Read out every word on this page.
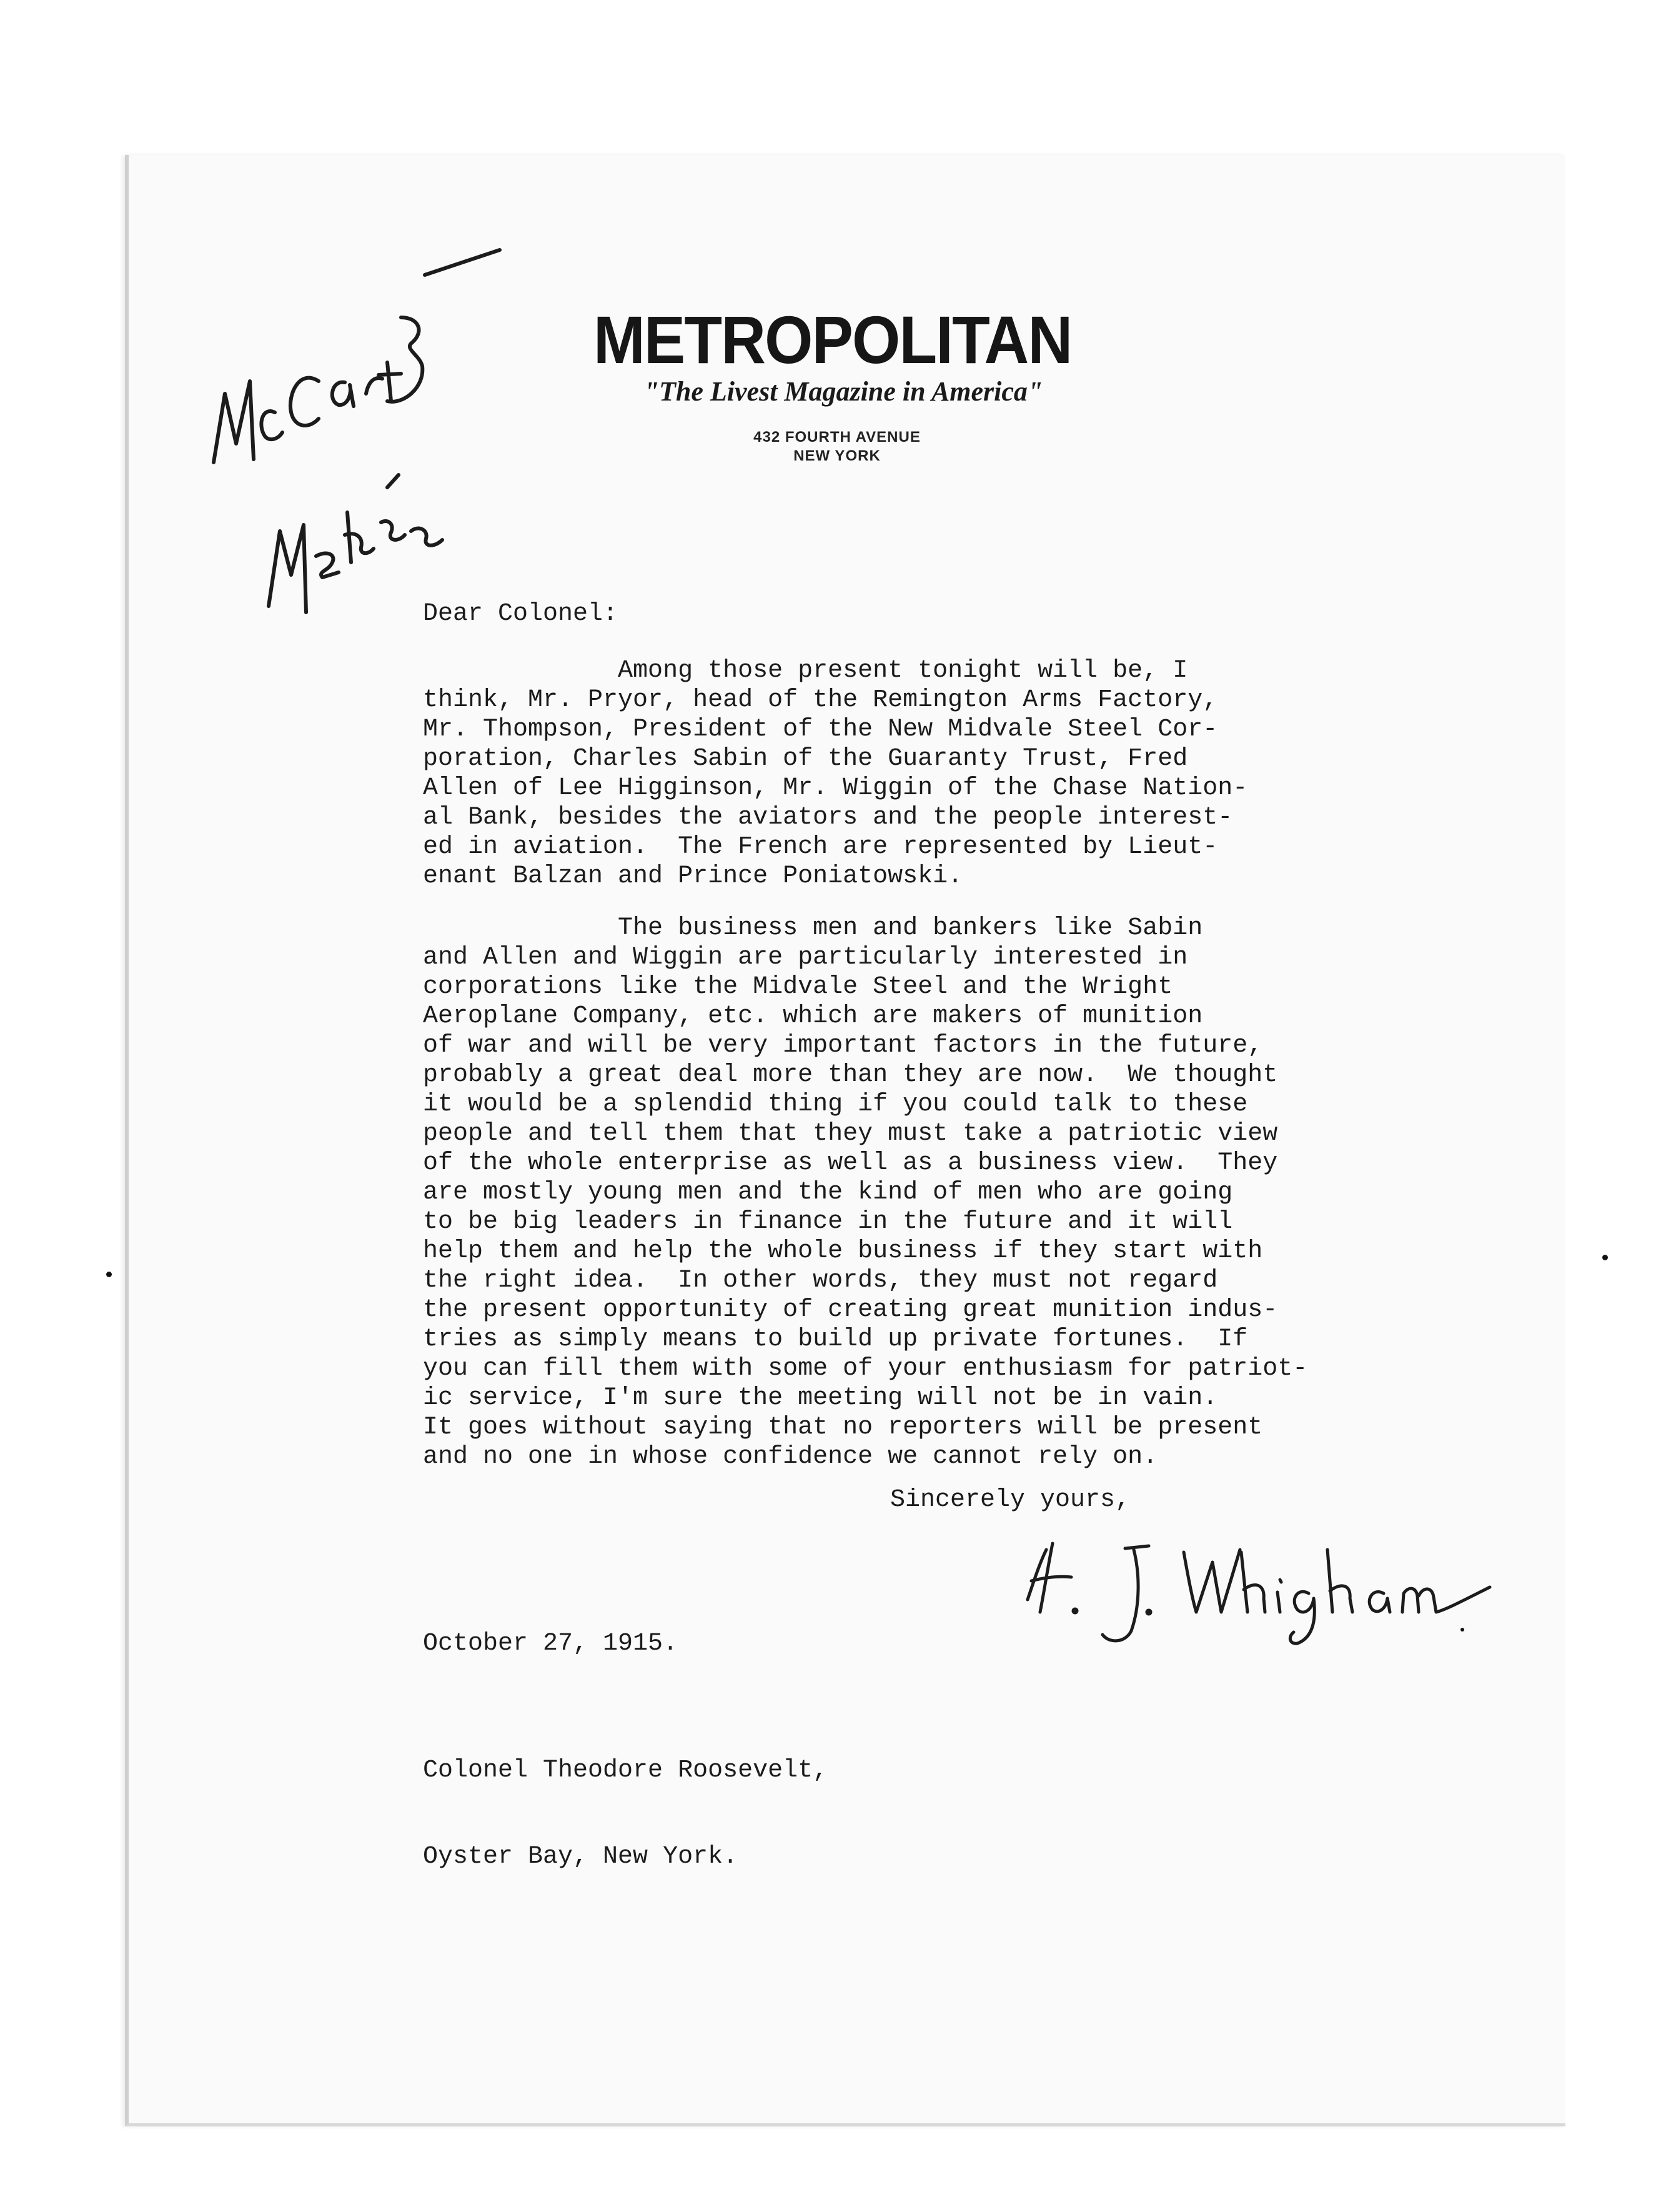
METROPOLITAN
"The Livest Magazine in America"
432 FOURTH AVENUE
NEW YORK
Dear Colonel:
Among those present tonight will be, I
think, Mr. Pryor, head of the Remington Arms Factory,
Mr. Thompson, President of the New Midvale Steel Cor-
poration, Charles Sabin of the Guaranty Trust, Fred
Allen of Lee Higginson, Mr. Wiggin of the Chase Nation-
al Bank, besides the aviators and the people interest-
ed in aviation.  The French are represented by Lieut-
enant Balzan and Prince Poniatowski.
The business men and bankers like Sabin
and Allen and Wiggin are particularly interested in
corporations like the Midvale Steel and the Wright
Aeroplane Company, etc. which are makers of munition
of war and will be very important factors in the future,
probably a great deal more than they are now.  We thought
it would be a splendid thing if you could talk to these
people and tell them that they must take a patriotic view
of the whole enterprise as well as a business view.  They
are mostly young men and the kind of men who are going
to be big leaders in finance in the future and it will
help them and help the whole business if they start with
the right idea.  In other words, they must not regard
the present opportunity of creating great munition indus-
tries as simply means to build up private fortunes.  If
you can fill them with some of your enthusiasm for patriot-
ic service, I'm sure the meeting will not be in vain.
It goes without saying that no reporters will be present
and no one in whose confidence we cannot rely on.
Sincerely yours,
October 27, 1915.

Colonel Theodore Roosevelt,

Oyster Bay, New York.
